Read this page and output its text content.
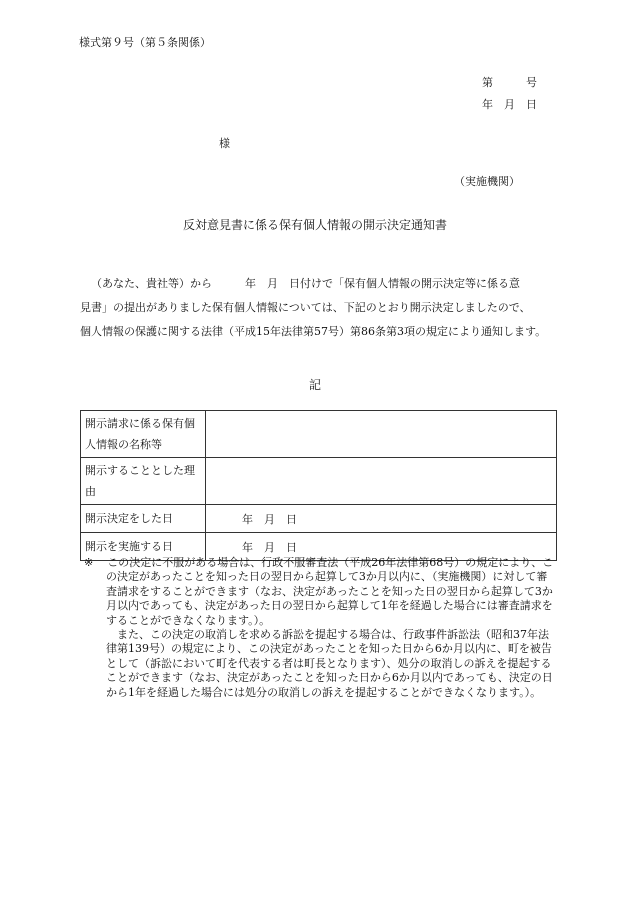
様式第９号（第５条関係）
第　　　号
年　月　日
様
（実施機関）
反対意見書に係る保有個人情報の開示決定通知書

（あなた、貴社等）から　　　年　月　日付けで「保有個人情報の開示決定等に係る意

見書」の提出がありました保有個人情報については、下記のとおり開示決定しましたので、

個人情報の保護に関する法律（平成15年法律第57号）第86条第3項の規定により通知します。

記
開示請求に係る保有個人情報の名称等	
開示することとした理由	
開示決定をした日	年　月　日
開示を実施する日	年　月　日

※ この決定に不服がある場合は、行政不服審査法（平成26年法律第68号）の規定により、この決定があったことを知った日の翌日から起算して3か月以内に、（実施機関）に対して審査請求をすることができます（なお、決定があったことを知った日の翌日から起算して3か月以内であっても、決定があった日の翌日から起算して1年を経過した場合には審査請求をすることができなくなります。）。

また、この決定の取消しを求める訴訟を提起する場合は、行政事件訴訟法（昭和37年法律第139号）の規定により、この決定があったことを知った日から6か月以内に、町を被告として（訴訟において町を代表する者は町長となります）、処分の取消しの訴えを提起することができます（なお、決定があったことを知った日から6か月以内であっても、決定の日から1年を経過した場合には処分の取消しの訴えを提起することができなくなります。）。
